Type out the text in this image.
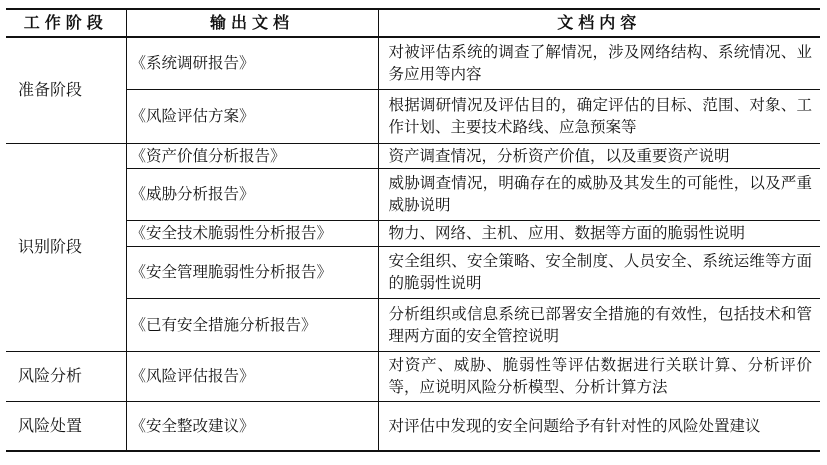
工作阶段	输出文档	文档内容
准备阶段	《系统调研报告》	对被评估系统的调查了解情况，涉及网络结构、系统情况、业务应用等内容
	《风险评估方案》	根据调研情况及评估目的，确定评估的目标、范围、对象、工作计划、主要技术路线、应急预案等
识别阶段	《资产价值分析报告》	资产调查情况，分析资产价值，以及重要资产说明
	《威胁分析报告》	威胁调查情况，明确存在的威胁及其发生的可能性，以及严重威胁说明
	《安全技术脆弱性分析报告》	物力、网络、主机、应用、数据等方面的脆弱性说明
	《安全管理脆弱性分析报告》	安全组织、安全策略、安全制度、人员安全、系统运维等方面的脆弱性说明
	《已有安全措施分析报告》	分析组织或信息系统已部署安全措施的有效性，包括技术和管理两方面的安全管控说明
风险分析	《风险评估报告》	对资产、威胁、脆弱性等评估数据进行关联计算、分析评价等，应说明风险分析模型、分析计算方法
风险处置	《安全整改建议》	对评估中发现的安全问题给予有针对性的风险处置建议
